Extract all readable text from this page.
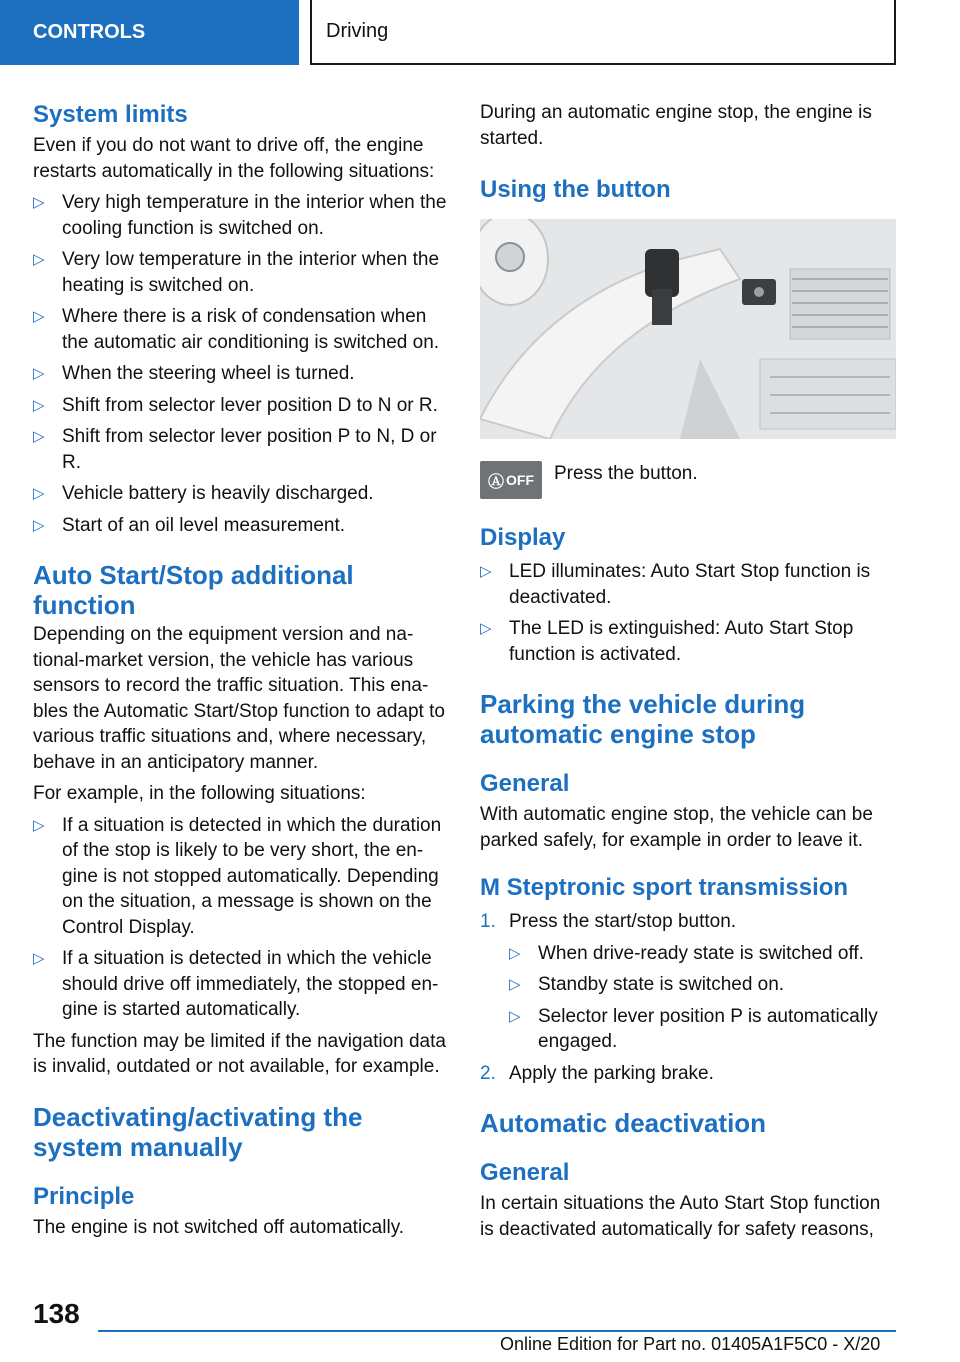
CONTROLS	Driving
System limits

Even if you do not want to drive off, the engine restarts automatically in the following situations:

▷ Very high temperature in the interior when the cooling function is switched on.
▷ Very low temperature in the interior when the heating is switched on.
▷ Where there is a risk of condensation when the automatic air conditioning is switched on.
▷ When the steering wheel is turned.
▷ Shift from selector lever position D to N or R.
▷ Shift from selector lever position P to N, D or R.
▷ Vehicle battery is heavily discharged.
▷ Start of an oil level measurement.
Auto Start/Stop additional function

Depending on the equipment version and na-tional-market version, the vehicle has various sensors to record the traffic situation. This ena-bles the Automatic Start/Stop function to adapt to various traffic situations and, where necessary, behave in an anticipatory manner.

For example, in the following situations:

▷ If a situation is detected in which the duration of the stop is likely to be very short, the en-gine is not stopped automatically. Depending on the situation, a message is shown on the Control Display.
▷ If a situation is detected in which the vehicle should drive off immediately, the stopped en-gine is started automatically.

The function may be limited if the navigation data is invalid, outdated or not available, for example.

Deactivating/activating the system manually
Principle

The engine is not switched off automatically.

During an automatic engine stop, the engine is started.

Using the button
Ⓐ OFF Press the button.
Display
▷ LED illuminates: Auto Start Stop function is deactivated.
▷ The LED is extinguished: Auto Start Stop function is activated.
Parking the vehicle during automatic engine stop
General

With automatic engine stop, the vehicle can be parked safely, for example in order to leave it.

M Steptronic sport transmission
1. Press the start/stop button.
▷ When drive-ready state is switched off.
▷ Standby state is switched on.
▷ Selector lever position P is automatically engaged.
2. Apply the parking brake.
Automatic deactivation
General

In certain situations the Auto Start Stop function is deactivated automatically for safety reasons,

138
Online Edition for Part no. 01405A1F5C0 - X/20
